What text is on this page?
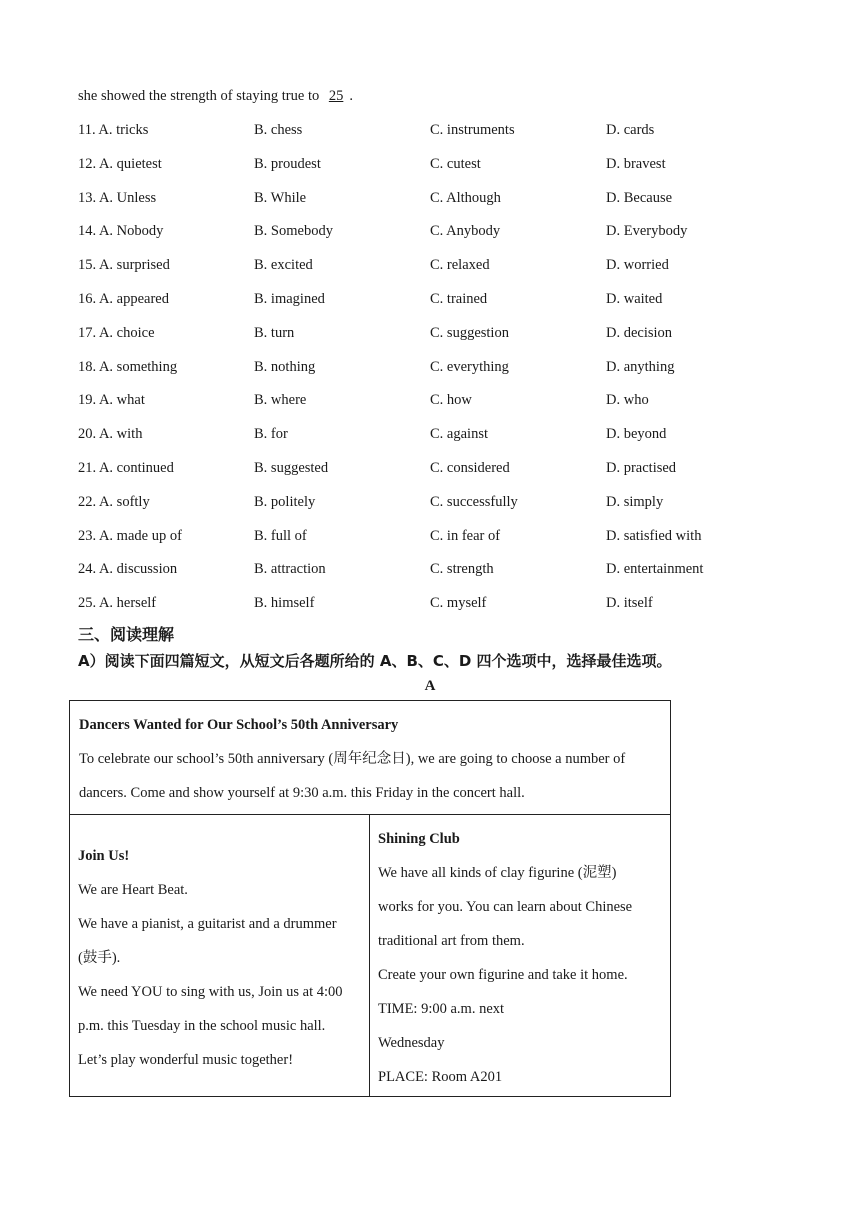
she showed the strength of staying true to 25 .
11. A. tricks	B. chess	C. instruments	D. cards
12. A. quietest	B. proudest	C. cutest	D. bravest
13. A. Unless	B. While	C. Although	D. Because
14. A. Nobody	B. Somebody	C. Anybody	D. Everybody
15. A. surprised	B. excited	C. relaxed	D. worried
16. A. appeared	B. imagined	C. trained	D. waited
17. A. choice	B. turn	C. suggestion	D. decision
18. A. something	B. nothing	C. everything	D. anything
19. A. what	B. where	C. how	D. who
20. A. with	B. for	C. against	D. beyond
21. A. continued	B. suggested	C. considered	D. practised
22. A. softly	B. politely	C. successfully	D. simply
23. A. made up of	B. full of	C. in fear of	D. satisfied with
24. A. discussion	B. attraction	C. strength	D. entertainment
25. A. herself	B. himself	C. myself	D. itself
三、阅读理解
A）阅读下面四篇短文，从短文后各题所给的 A、B、C、D 四个选项中，选择最佳选项。
A

Dancers Wanted for Our School’s 50th Anniversary

To celebrate our school’s 50th anniversary (周年纪念日), we are going to choose a number of

dancers. Come and show yourself at 9:30 a.m. this Friday in the concert hall.

Join Us!

We are Heart Beat.

We have a pianist, a guitarist and a drummer

(鼓手).

We need YOU to sing with us, Join us at 4:00

p.m. this Tuesday in the school music hall.

Let’s play wonderful music together!

Shining Club

We have all kinds of clay figurine (泥塑)

works for you. You can learn about Chinese

traditional art from them.

Create your own figurine and take it home.

TIME: 9:00 a.m. next

Wednesday

PLACE: Room A201
